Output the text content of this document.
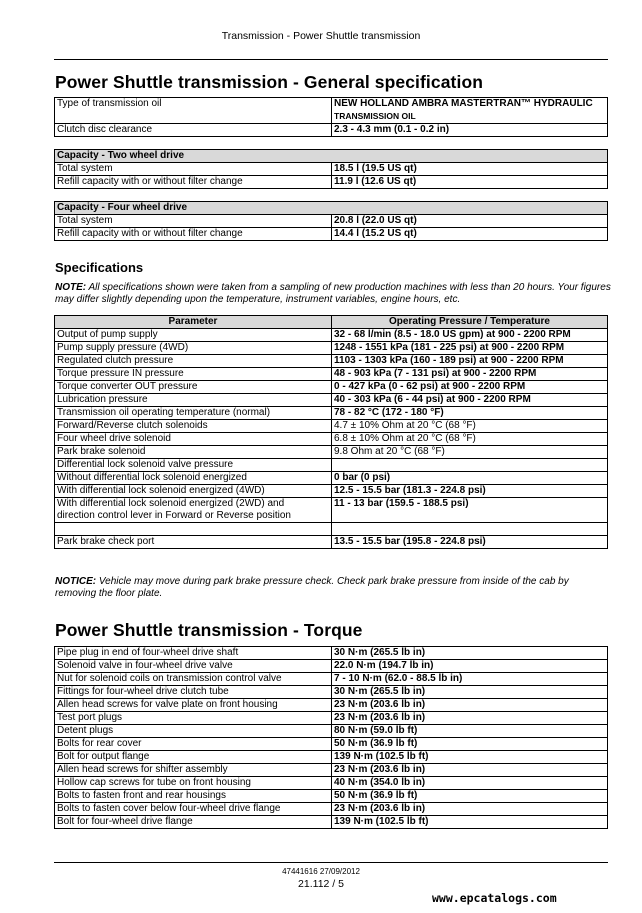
Transmission - Power Shuttle transmission
Power Shuttle transmission - General specification
Type of transmission oil	NEW HOLLAND AMBRA MASTERTRAN™ HYDRAULIC
TRANSMISSION OIL
Clutch disc clearance	2.3 - 4.3 mm (0.1 - 0.2 in)
Capacity - Two wheel drive	
Total system	18.5 l (19.5 US qt)
Refill capacity with or without filter change	11.9 l (12.6 US qt)
Capacity - Four wheel drive	
Total system	20.8 l (22.0 US qt)
Refill capacity with or without filter change	14.4 l (15.2 US qt)
Specifications
NOTE: All specifications shown were taken from a sampling of new production machines with less than 20 hours. Your figures may differ slightly depending upon the temperature, instrument variables, engine hours, etc.
Parameter	Operating Pressure / Temperature
Output of pump supply	32 - 68 l/min (8.5 - 18.0 US gpm) at 900 - 2200 RPM
Pump supply pressure (4WD)	1248 - 1551 kPa (181 - 225 psi) at 900 - 2200 RPM
Regulated clutch pressure	1103 - 1303 kPa (160 - 189 psi) at 900 - 2200 RPM
Torque pressure IN pressure	48 - 903 kPa (7 - 131 psi) at 900 - 2200 RPM
Torque converter OUT pressure	0 - 427 kPa (0 - 62 psi) at 900 - 2200 RPM
Lubrication pressure	40 - 303 kPa (6 - 44 psi) at 900 - 2200 RPM
Transmission oil operating temperature (normal)	78 - 82 °C (172 - 180 °F)
Forward/Reverse clutch solenoids	4.7 ± 10% Ohm at 20 °C (68 °F)
Four wheel drive solenoid	6.8 ± 10% Ohm at 20 °C (68 °F)
Park brake solenoid	9.8 Ohm at 20 °C (68 °F)
Differential lock solenoid valve pressure	
Without differential lock solenoid energized	0 bar (0 psi)
With differential lock solenoid energized (4WD)	12.5 - 15.5 bar (181.3 - 224.8 psi)
With differential lock solenoid energized (2WD) and
direction control lever in Forward or Reverse position	11 - 13 bar (159.5 - 188.5 psi)

Park brake check port	13.5 - 15.5 bar (195.8 - 224.8 psi)
NOTICE: Vehicle may move during park brake pressure check. Check park brake pressure from inside of the cab by removing the floor plate.
Power Shuttle transmission - Torque
Pipe plug in end of four-wheel drive shaft	30 N·m (265.5 lb in)
Solenoid valve in four-wheel drive valve	22.0 N·m (194.7 lb in)
Nut for solenoid coils on transmission control valve	7 - 10 N·m (62.0 - 88.5 lb in)
Fittings for four-wheel drive clutch tube	30 N·m (265.5 lb in)
Allen head screws for valve plate on front housing	23 N·m (203.6 lb in)
Test port plugs	23 N·m (203.6 lb in)
Detent plugs	80 N·m (59.0 lb ft)
Bolts for rear cover	50 N·m (36.9 lb ft)
Bolt for output flange	139 N·m (102.5 lb ft)
Allen head screws for shifter assembly	23 N·m (203.6 lb in)
Hollow cap screws for tube on front housing	40 N·m (354.0 lb in)
Bolts to fasten front and rear housings	50 N·m (36.9 lb ft)
Bolts to fasten cover below four-wheel drive flange	23 N·m (203.6 lb in)
Bolt for four-wheel drive flange	139 N·m (102.5 lb ft)
47441616 27/09/2012
21.112 / 5
www.epcatalogs.com
